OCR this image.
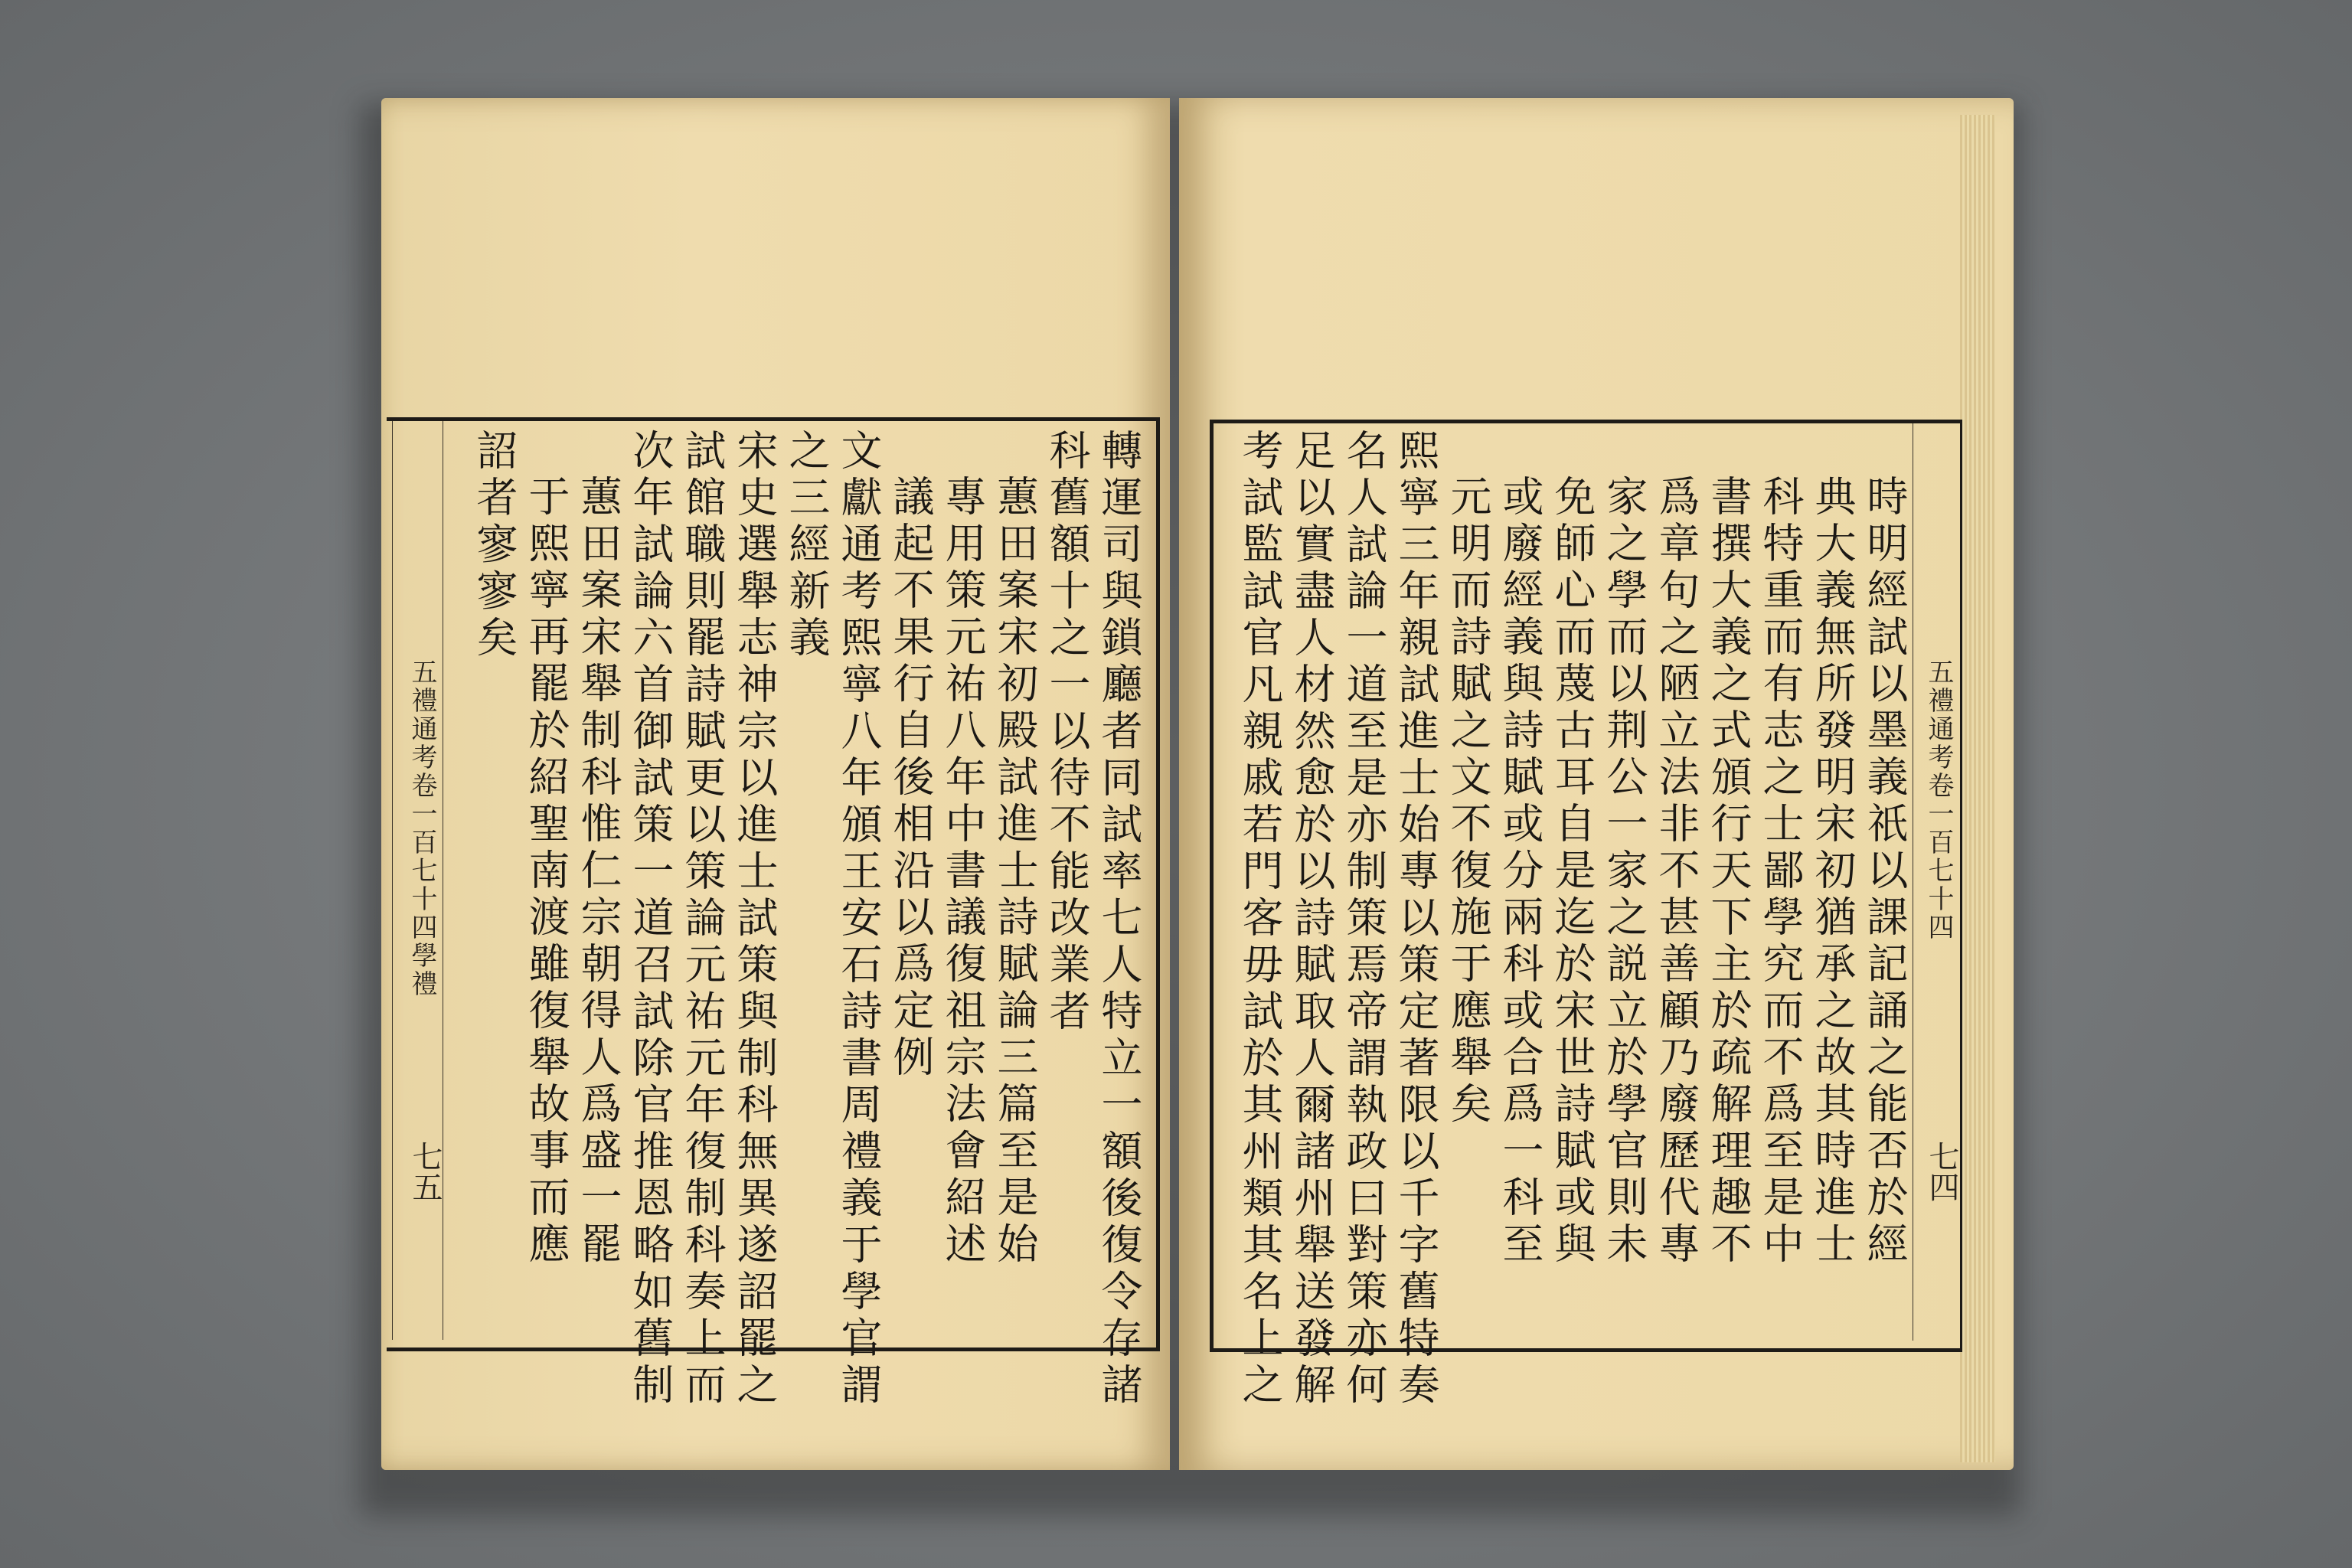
轉運司與鎖廳者同試率七人特立一額後復令存諸
科舊額十之一以待不能改業者
蕙田案宋初殿試進士詩賦論三篇至是始
專用策元祐八年中書議復祖宗法會紹述
議起不果行自後相沿以爲定例
文獻通考熙寧八年頒王安石詩書周禮義于學官謂
之三經新義
宋史選舉志神宗以進士試策與制科無異遂詔罷之
試館職則罷詩賦更以策論元祐元年復制科奏上而
次年試論六首御試策一道召試除官推恩略如舊制
蕙田案宋舉制科惟仁宗朝得人爲盛一罷
于熙寧再罷於紹聖南渡雖復舉故事而應
詔者寥寥矣
五禮通考卷一百七十四學禮
七五	時明經試以墨義祇以課記誦之能否於經
典大義無所發明宋初猶承之故其時進士
科特重而有志之士鄙學究而不爲至是中
書撰大義之式頒行天下主於疏解理趣不
爲章句之陋立法非不甚善顧乃廢歷代專
家之學而以荆公一家之説立於學官則未
免師心而蔑古耳自是迄於宋世詩賦或與
或廢經義與詩賦或分兩科或合爲一科至
元明而詩賦之文不復施于應舉矣
熙寧三年親試進士始專以策定著限以千字舊特奏
名人試論一道至是亦制策焉帝謂執政曰對策亦何
足以實盡人材然愈於以詩賦取人爾諸州舉送發解
考試監試官凡親戚若門客毋試於其州類其名上之	五禮通考卷一百七十四
七四
